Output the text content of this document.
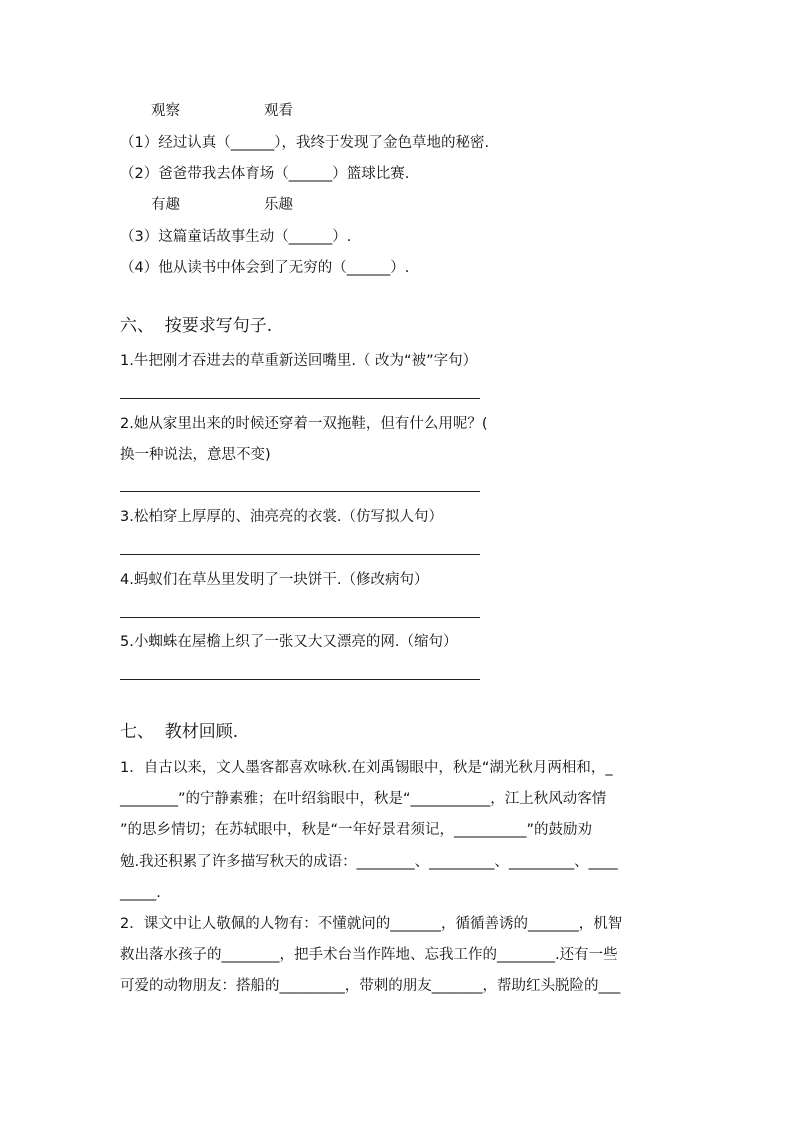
观察	观看
（1）经过认真（______），我终于发现了金色草地的秘密.
（2）爸爸带我去体育场（______）篮球比赛.
有趣	乐趣
（3）这篇童话故事生动（______）.
（4）他从读书中体会到了无穷的（______）.
六、  按要求写句子.
1.牛把刚才吞进去的草重新送回嘴里.（ 改为“被”字句）
2.她从家里出来的时候还穿着一双拖鞋，但有什么用呢？(
换一种说法，意思不变)
3.松柏穿上厚厚的、油亮亮的衣裳.（仿写拟人句）
4.蚂蚁们在草丛里发明了一块饼干.（修改病句）
5.小蜘蛛在屋檐上织了一张又大又漂亮的网.（缩句）
七、  教材回顾.
1．自古以来，文人墨客都喜欢咏秋.在刘禹锡眼中，秋是“湖光秋月两相和，_
________”的宁静素雅；在叶绍翁眼中，秋是“___________，江上秋风动客情
”的思乡情切；在苏轼眼中，秋是“一年好景君须记，__________”的鼓励劝
勉.我还积累了许多描写秋天的成语：________、_________、_________、____
_____.
2．课文中让人敬佩的人物有：不懂就问的_______，循循善诱的_______，机智
救出落水孩子的________，把手术台当作阵地、忘我工作的________.还有一些
可爱的动物朋友：搭船的_________，带刺的朋友_______，帮助红头脱险的___
